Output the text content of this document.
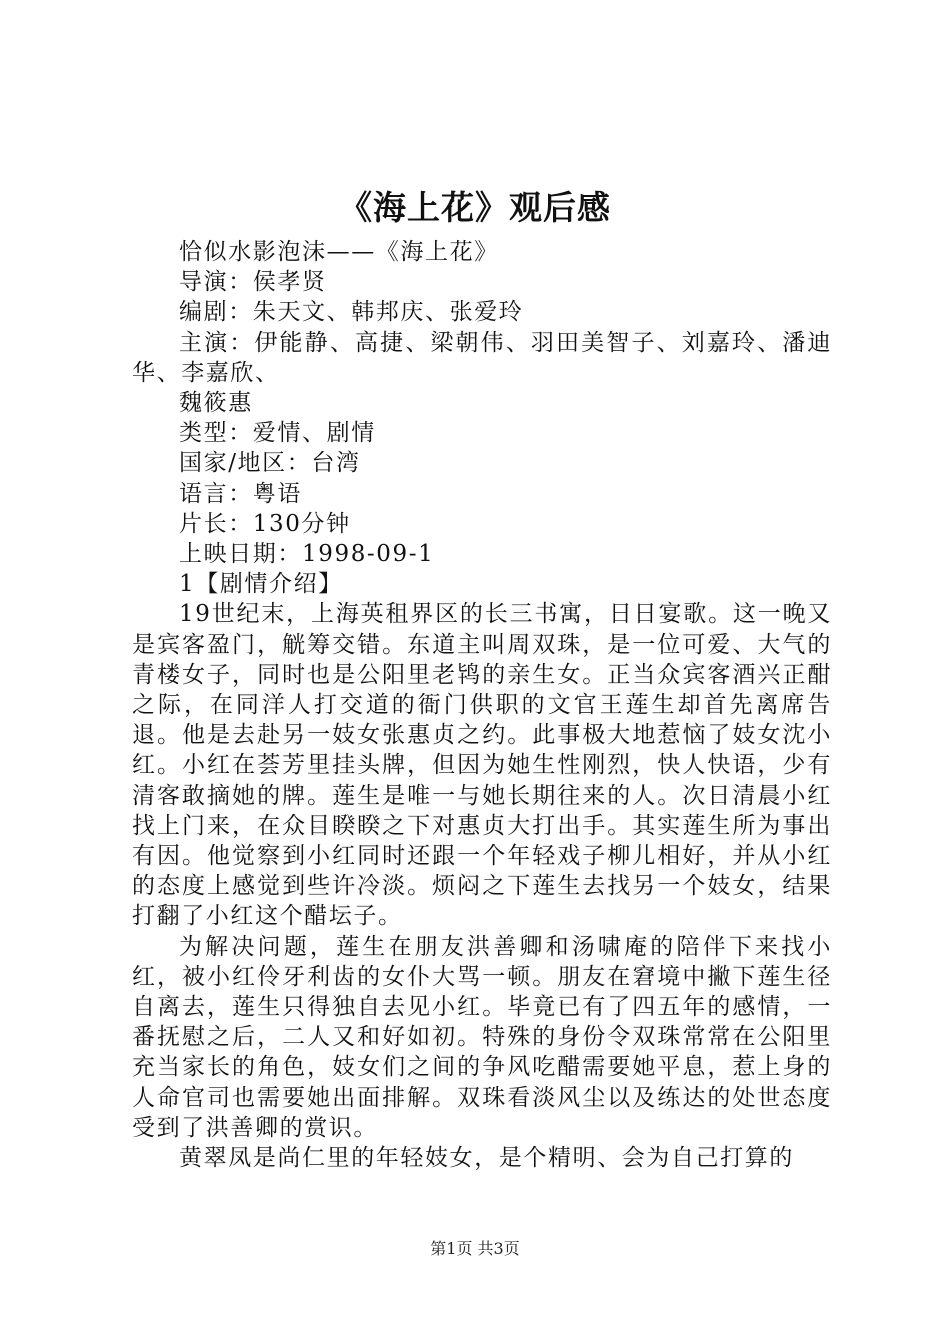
《海上花》观后感

恰似水影泡沫——《海上花》

导演：侯孝贤

编剧：朱天文、韩邦庆、张爱玲

主演：伊能静、高捷、梁朝伟、羽田美智子、刘嘉玲、潘迪华、李嘉欣、

魏筱惠

类型：爱情、剧情

国家/地区：台湾

语言：粤语

片长：130分钟

上映日期：1998-09-1

1【剧情介绍】

19世纪末，上海英租界区的长三书寓，日日宴歌。这一晚又是宾客盈门，觥筹交错。东道主叫周双珠，是一位可爱、大气的青楼女子，同时也是公阳里老鸨的亲生女。正当众宾客酒兴正酣之际，在同洋人打交道的衙门供职的文官王莲生却首先离席告退。他是去赴另一妓女张惠贞之约。此事极大地惹恼了妓女沈小红。小红在荟芳里挂头牌，但因为她生性刚烈，快人快语，少有清客敢摘她的牌。莲生是唯一与她长期往来的人。次日清晨小红找上门来，在众目睽睽之下对惠贞大打出手。其实莲生所为事出有因。他觉察到小红同时还跟一个年轻戏子柳儿相好，并从小红的态度上感觉到些许冷淡。烦闷之下莲生去找另一个妓女，结果打翻了小红这个醋坛子。

为解决问题，莲生在朋友洪善卿和汤啸庵的陪伴下来找小红，被小红伶牙利齿的女仆大骂一顿。朋友在窘境中撇下莲生径自离去，莲生只得独自去见小红。毕竟已有了四五年的感情，一番抚慰之后，二人又和好如初。特殊的身份令双珠常常在公阳里充当家长的角色，妓女们之间的争风吃醋需要她平息，惹上身的人命官司也需要她出面排解。双珠看淡风尘以及练达的处世态度受到了洪善卿的赏识。

黄翠凤是尚仁里的年轻妓女，是个精明、会为自己打算的

第1页 共3页
